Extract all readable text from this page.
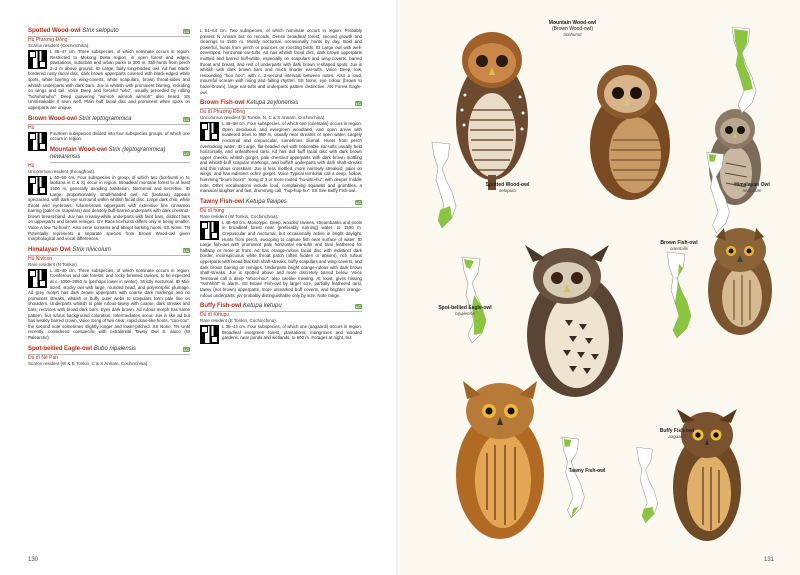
Spotted Wood-owl Strix seloputo	LC
Hù Phương Đông
Scarce resident (Cochinchina).
L 45–47 cm. Three subspecies, of which nominate occurs in region. Restricted to Mekong Delta region, in open forest and edges, plantations, suburban and urban parks to 300 m. Still-hunts from perch 2–3 m above ground. ID Large, fairly long-bodied owl. Ad has black-bordered rusty facial disc, dark brown upperparts covered with black-edged white spots, white barring on wing-coverts, white scapulars, brown throat-sides and whitish underparts with dark bars. Juv is whitish with prominent barring, including on wings and tail. Voice Deep and forceful "who", usually preceded by rolling "huhuhuhuhu". Deep quavering "wimroh wimroh wimroh" also heard. SS Unmistakable if seen well. Plain buff facial disc and prominent white spots on upperparts are unique.
Brown Wood-owl Strix leptogrammica	LC
Hù
Fourteen subspecies divided into four subspecies groups, of which one occurs in region.
Mountain Wood-owl Strix (leptogrammica) newarensis	LC
Hù
Uncommon resident (throughout).
L 40–55 cm. Four subspecies in group, of which two (ticehursti in N, laotiana in C & S) occur in region. Broadleaf montane forest to at least 1500 m, generally avoiding habitation. Nocturnal and secretive. ID Large, proportionately small-headed owl. Ad (laotiana) appears spectacled, with dark eye surround within whitish facial disc. Large dark chin, white throat and eyebrows, rufous-brown upperparts with extensive fine cinnamon barring (paler on scapulars) and densely buff-barred underparts with dark chestnut-brown breast-band. Juv has creamy-white underparts with faint bars, distinct bars on upperparts and brown remiges. GV Race ticehursti differs only in being smaller. Voice A low "to-hooh". Also eerie screams and abrupt barking hoots. SS None. TN Potentially represents a separate species from Brown Wood-owl given morphological and vocal differences.
Himalayan Owl Strix nivicolum	LC
Hù Nivicon
Rare resident (N Tonkin).
L 35–40 cm. Three subspecies, of which nominate occurs in region. Coniferous and oak forests, and rocky forested ravines, to be expected at c. 1000–2850 m (perhaps lower in winter). Strictly nocturnal. ID Mid-sized, stocky owl with large, rounded head, and polymorphic plumage. Ad grey morph has dark brown upperparts with coarse dark markings and no prominent streaks, whitish or buffy outer webs to scapulars form pale line on shoulders. Underparts whitish to pale rufous-tawny with coarse, dark streaks and bars; rectrices with broad dark bars. Eyes dark brown. Ad rufous morph has same pattern, but rufous background coloration. Intermediates occur. Juv is like ad but has weakly barred crown. Voice Song of two clear, rapid dove-like hoots, "coo-coo", the second note sometimes slightly longer and lower-pitched. SS None. TN Until recently, considered conspecific with extralimital Tawny Owl S. aluco (W Palearctic).
Spot-bellied Eagle-owl Bubo nipalensis	LC
Dù dì Nê Pan
Scarce resident (W & E Tonkin, C & S Annam, Cochinchina).
L 51–64 cm. Two subspecies, of which nominate occurs in region. Probably present N Annam but no records. Dense broadleaf forest, second growth and clearings to 1500 m. Mostly nocturnal, occasionally hunts by day. Bold and powerful, hunts from perch or pounces on roosting birds. ID Large owl with well-developed, horizontal ear-tufts. Ad has whitish facial disc, dark brown upperparts mottled and barred buff-white, especially on scapulars and wing-coverts, barred throat and breast, and rest of underparts with dark brown V-shaped spots. Juv is whitish with dark brown bars and much shorter ear-tufts. Voice Deep, low, resounding "hoo hoo", with c. 2-second intervals between notes. Also a loud, mournful scream with rising and falling rhythm. SS None; eye colour (brown to hazel-brown), large ear-tufts and underparts pattern distinctive. AN Forest Eagle-owl.
Brown Fish-owl Ketupa zeylonensis	LC
Dù dì Phương Đông
Uncommon resident (E Tonkin, N, C & S Annam, Cochinchina).
L 48–58 cm. Four subspecies, of which one (orientalis) occurs in region. Open deciduous and evergreen woodland, and open areas with scattered trees to 950 m, usually near streams or open water. Largely nocturnal and crepuscular, sometimes diurnal. Hunts from perch overlooking water. ID Large, flat-headed owl with noticeable ear-tufts usually held horizontally, and unfeathered tarsi. Ad has dull buff facial disc with dark brown upper cheeks, whitish gorget, pale chestnut upperparts with dark brown mottling and whitish-buff scapular markings, and buffish underparts with dark shaft-streaks and thin rufous crossbars. Juv is less mottled, more narrowly streaked, paler on wings, and has indistinct ochre gorget. Voice Typical territorial call a deep, hollow, humming "boom boom". Song of 3 or more muted "hu-who-hu", with deeper middle note. Other vocalisations include loud, complaining squawks and grumbles, a maniacal laughter and fast, drumming call, "hup-hup-hu". SS See Buffy Fish-owl.
Tawny Fish-owl Ketupa flavipes	LC
Dù dì hung
Rare resident (W Tonkin, Cochinchina).
L 48–59 cm. Monotypic. Deep, wooded ravines, streambanks and pools in broadleaf forest near (preferably running) water, to 1500 m. Crepuscular and nocturnal, but occasionally active in bright daylight. Hunts from perch, swooping to capture fish near surface of water. ID Large fish-owl with prominent pale horizontal ear-tufts and tarsi feathered for halfway or more at front. Ad has orange-rufous facial disc with indistinct dark border, inconspicuous white throat patch (often hidden or absent), rich rufous upperparts with broad blackish shaft-streaks, buffy scapulars and wing-coverts, and dark brown barring on remiges. Underparts bright orange-rufous with dark brown shaft-streaks. Juv is spotted above and more discretely barred below. Voice Territorial call a deep "whoo-hoo"; also cat-like mewing. At roost, gives hissing "tsshhhht" in alarm. SS Brown Fish-owl by larger size, partially feathered tarsi, tawny (not brown) upperparts, more unmarked buff coverts, and brighter orange-rufous underparts; juv probably distinguishable only by size. Note range.
Buffy Fish-owl Ketupa ketupu	LC
Dù dì Kêtupu
Rare resident (E Tonkin, Cochinchina).
L 38–44 cm. Four subspecies, of which one (aagaardi) occurs in region. Broadleaf evergreen forest, plantations, mangroves and wooded gardens, near ponds and wetlands, to 600 m. Forages at night, but
130
Mountain Wood-owl
(Brown Wood-owl)
ticehursti
Himalayan Owl
nivicolum
Spotted Wood-owl
seloputo
Brown Fish-owl
orientalis
Spot-bellied Eagle-owl
nipalensis
Buffy Fish-owl
aagaardi
Tawny Fish-owl
131
